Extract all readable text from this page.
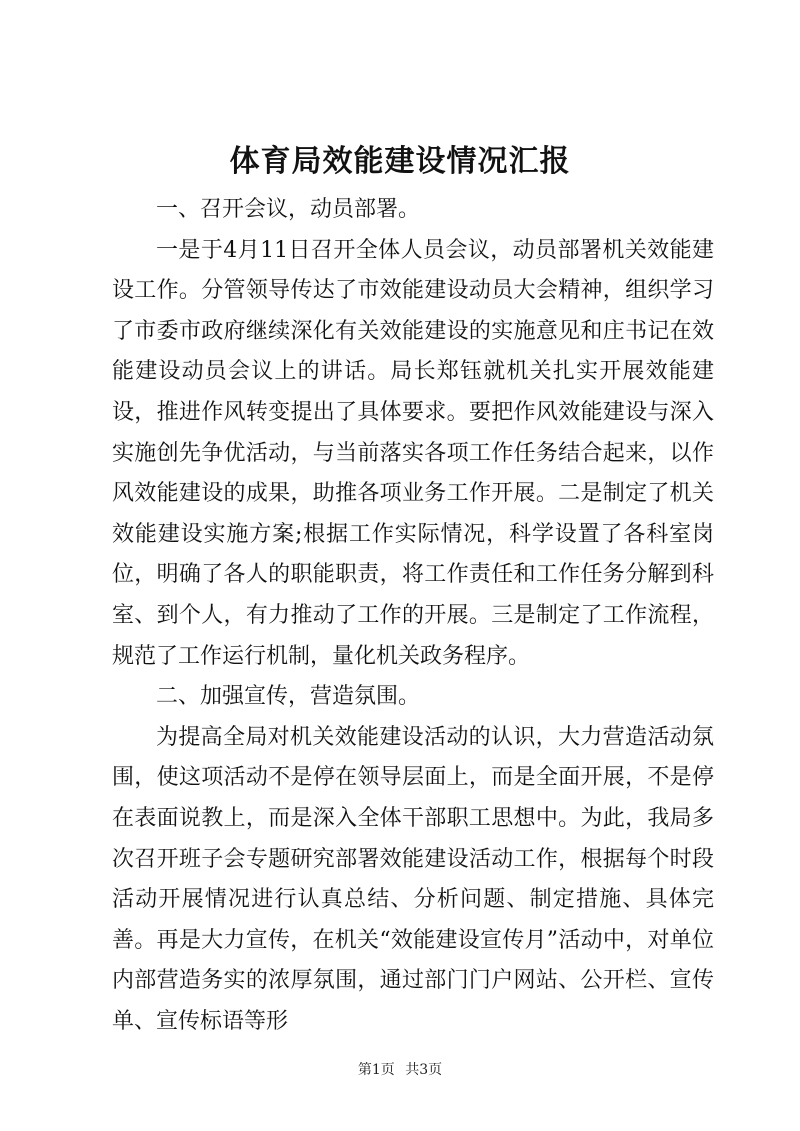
体育局效能建设情况汇报

一、召开会议，动员部署。

一是于4月11日召开全体人员会议，动员部署机关效能建设工作。分管领导传达了市效能建设动员大会精神，组织学习了市委市政府继续深化有关效能建设的实施意见和庄书记在效能建设动员会议上的讲话。局长郑钰就机关扎实开展效能建设，推进作风转变提出了具体要求。要把作风效能建设与深入实施创先争优活动，与当前落实各项工作任务结合起来，以作风效能建设的成果，助推各项业务工作开展。二是制定了机关效能建设实施方案;根据工作实际情况，科学设置了各科室岗位，明确了各人的职能职责，将工作责任和工作任务分解到科室、到个人，有力推动了工作的开展。三是制定了工作流程，规范了工作运行机制，量化机关政务程序。

二、加强宣传，营造氛围。

为提高全局对机关效能建设活动的认识，大力营造活动氛围，使这项活动不是停在领导层面上，而是全面开展，不是停在表面说教上，而是深入全体干部职工思想中。为此，我局多次召开班子会专题研究部署效能建设活动工作，根据每个时段活动开展情况进行认真总结、分析问题、制定措施、具体完善。再是大力宣传，在机关“效能建设宣传月”活动中，对单位内部营造务实的浓厚氛围，通过部门门户网站、公开栏、宣传单、宣传标语等形

第1页 共3页
